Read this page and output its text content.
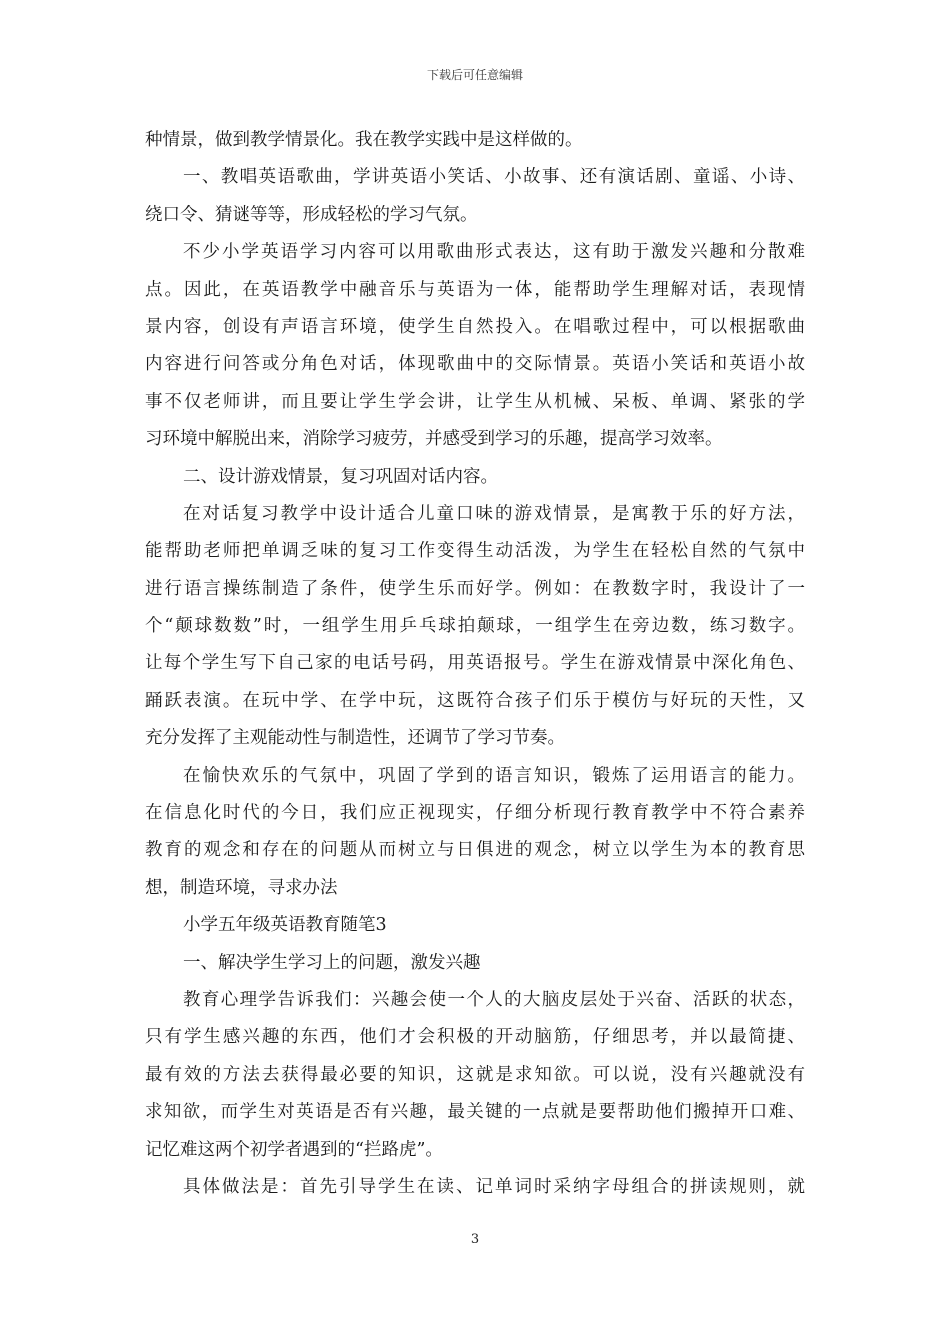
下载后可任意编辑
种情景，做到教学情景化。我在教学实践中是这样做的。
一、教唱英语歌曲，学讲英语小笑话、小故事、还有演话剧、童谣、小诗、
绕口令、猜谜等等，形成轻松的学习气氛。
不少小学英语学习内容可以用歌曲形式表达，这有助于激发兴趣和分散难
点。因此，在英语教学中融音乐与英语为一体，能帮助学生理解对话，表现情
景内容，创设有声语言环境，使学生自然投入。在唱歌过程中，可以根据歌曲
内容进行问答或分角色对话，体现歌曲中的交际情景。英语小笑话和英语小故
事不仅老师讲，而且要让学生学会讲，让学生从机械、呆板、单调、紧张的学
习环境中解脱出来，消除学习疲劳，并感受到学习的乐趣，提高学习效率。
二、设计游戏情景，复习巩固对话内容。
在对话复习教学中设计适合儿童口味的游戏情景，是寓教于乐的好方法，
能帮助老师把单调乏味的复习工作变得生动活泼，为学生在轻松自然的气氛中
进行语言操练制造了条件，使学生乐而好学。例如：在教数字时，我设计了一
个“颠球数数”时，一组学生用乒乓球拍颠球，一组学生在旁边数，练习数字。
让每个学生写下自己家的电话号码，用英语报号。学生在游戏情景中深化角色、
踊跃表演。在玩中学、在学中玩，这既符合孩子们乐于模仿与好玩的天性，又
充分发挥了主观能动性与制造性，还调节了学习节奏。
在愉快欢乐的气氛中，巩固了学到的语言知识，锻炼了运用语言的能力。
在信息化时代的今日，我们应正视现实，仔细分析现行教育教学中不符合素养
教育的观念和存在的问题从而树立与日俱进的观念，树立以学生为本的教育思
想，制造环境，寻求办法
小学五年级英语教育随笔3
一、解决学生学习上的问题，激发兴趣
教育心理学告诉我们：兴趣会使一个人的大脑皮层处于兴奋、活跃的状态，
只有学生感兴趣的东西，他们才会积极的开动脑筋，仔细思考，并以最简捷、
最有效的方法去获得最必要的知识，这就是求知欲。可以说，没有兴趣就没有
求知欲，而学生对英语是否有兴趣，最关键的一点就是要帮助他们搬掉开口难、
记忆难这两个初学者遇到的“拦路虎”。
具体做法是：首先引导学生在读、记单词时采纳字母组合的拼读规则，就
3
